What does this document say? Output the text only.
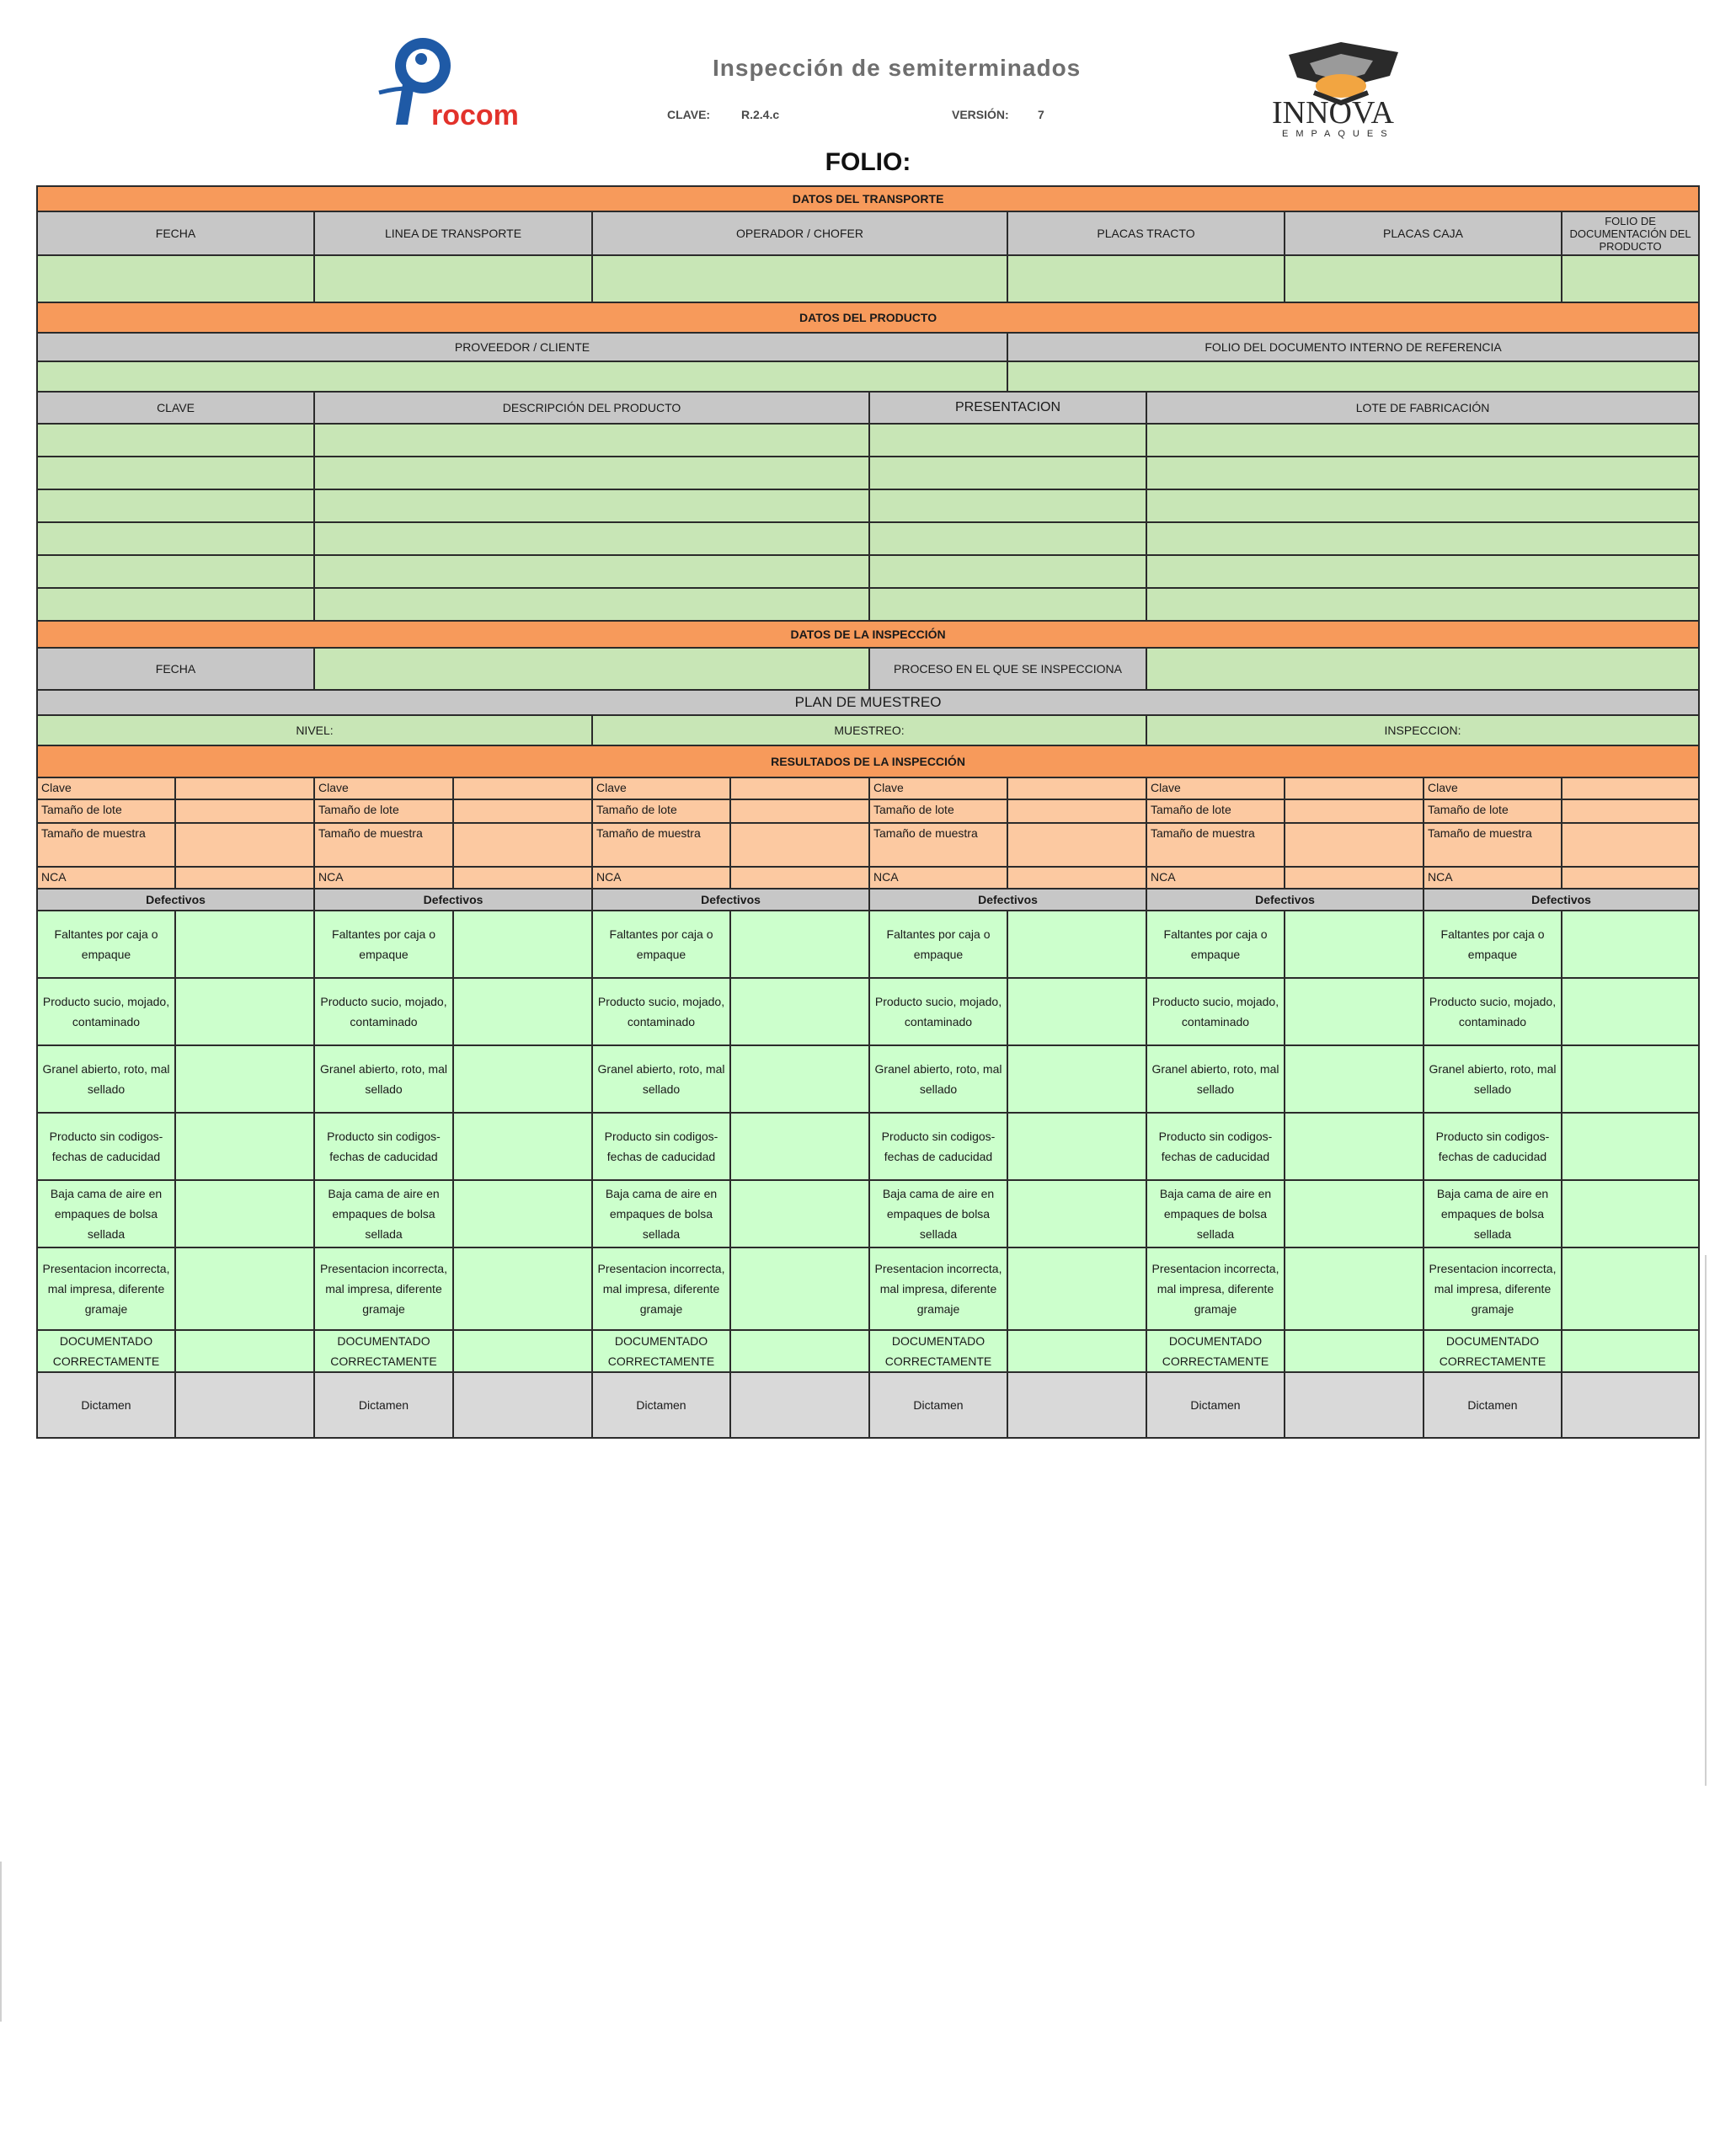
rocom
Inspección de semiterminados
CLAVE:	R.2.4.c	VERSIÓN: 7	INNOVA
EMPAQUES
FOLIO:
DATOS DEL TRANSPORTE											
FECHA		LINEA DE TRANSPORTE		OPERADOR / CHOFER			PLACAS TRACTO		PLACAS CAJA		FOLIO DE DOCUMENTACIÓN DEL PRODUCTO

DATOS DEL PRODUCTO											
PROVEEDOR / CLIENTE							FOLIO DEL DOCUMENTO INTERNO DE REFERENCIA				

CLAVE		DESCRIPCIÓN DEL PRODUCTO				PRESENTACION		LOTE DE FABRICACIÓN			

DATOS DE LA INSPECCIÓN											
FECHA						PROCESO EN EL QUE SE INSPECCIONA					
PLAN DE MUESTREO											
NIVEL:				MUESTREO:				INSPECCION:			
RESULTADOS DE LA INSPECCIÓN											
Clave		Clave		Clave		Clave		Clave		Clave	
Tamaño de lote		Tamaño de lote		Tamaño de lote		Tamaño de lote		Tamaño de lote		Tamaño de lote	
Tamaño de muestra		Tamaño de muestra		Tamaño de muestra		Tamaño de muestra		Tamaño de muestra		Tamaño de muestra	
NCA		NCA		NCA		NCA		NCA		NCA	
Defectivos		Defectivos		Defectivos		Defectivos		Defectivos		Defectivos	
Faltantes por caja o empaque		Faltantes por caja o empaque		Faltantes por caja o empaque		Faltantes por caja o empaque		Faltantes por caja o empaque		Faltantes por caja o empaque	
Producto sucio, mojado, contaminado		Producto sucio, mojado, contaminado		Producto sucio, mojado, contaminado		Producto sucio, mojado, contaminado		Producto sucio, mojado, contaminado		Producto sucio, mojado, contaminado	
Granel abierto, roto, mal sellado		Granel abierto, roto, mal sellado		Granel abierto, roto, mal sellado		Granel abierto, roto, mal sellado		Granel abierto, roto, mal sellado		Granel abierto, roto, mal sellado	
Producto sin codigos-fechas de caducidad		Producto sin codigos-fechas de caducidad		Producto sin codigos-fechas de caducidad		Producto sin codigos-fechas de caducidad		Producto sin codigos-fechas de caducidad		Producto sin codigos-fechas de caducidad	
Baja cama de aire en empaques de bolsa sellada		Baja cama de aire en empaques de bolsa sellada		Baja cama de aire en empaques de bolsa sellada		Baja cama de aire en empaques de bolsa sellada		Baja cama de aire en empaques de bolsa sellada		Baja cama de aire en empaques de bolsa sellada	
Presentacion incorrecta, mal impresa, diferente gramaje		Presentacion incorrecta, mal impresa, diferente gramaje		Presentacion incorrecta, mal impresa, diferente gramaje		Presentacion incorrecta, mal impresa, diferente gramaje		Presentacion incorrecta, mal impresa, diferente gramaje		Presentacion incorrecta, mal impresa, diferente gramaje	
DOCUMENTADO CORRECTAMENTE		DOCUMENTADO CORRECTAMENTE		DOCUMENTADO CORRECTAMENTE		DOCUMENTADO CORRECTAMENTE		DOCUMENTADO CORRECTAMENTE		DOCUMENTADO CORRECTAMENTE	
Dictamen		Dictamen		Dictamen		Dictamen		Dictamen		Dictamen	
